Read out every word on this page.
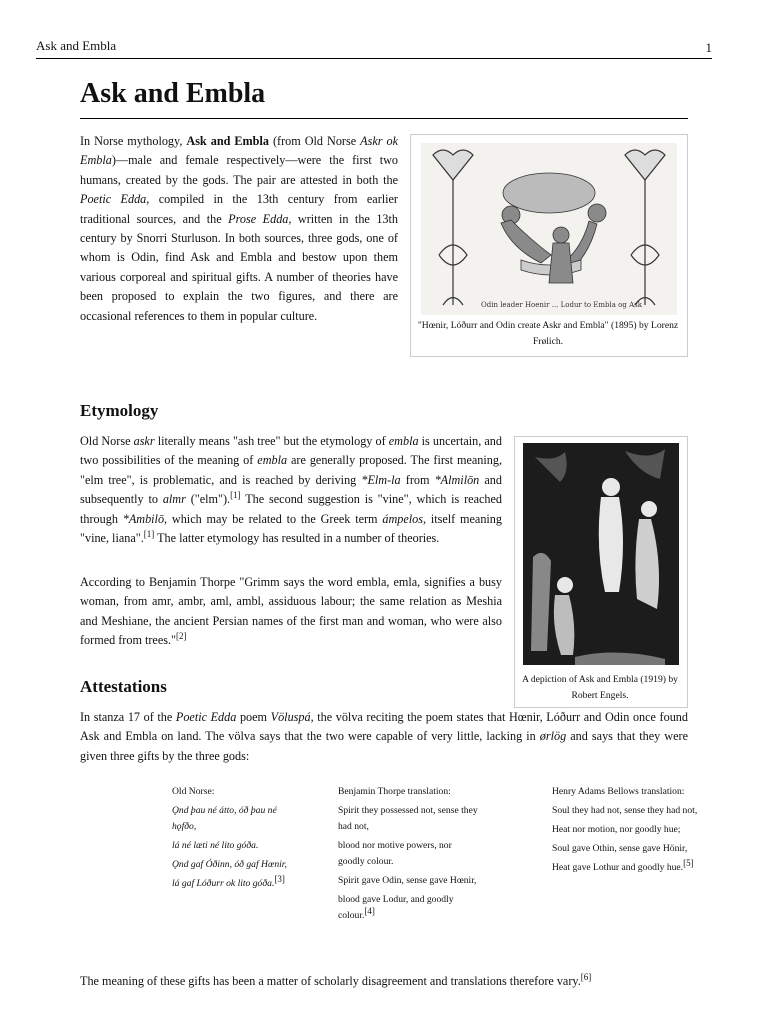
Ask and Embla	1
Ask and Embla

In Norse mythology, Ask and Embla (from Old Norse Askr ok Embla)—male and female respectively—were the first two humans, created by the gods. The pair are attested in both the Poetic Edda, compiled in the 13th century from earlier traditional sources, and the Prose Edda, written in the 13th century by Snorri Sturluson. In both sources, three gods, one of whom is Odin, find Ask and Embla and bestow upon them various corporeal and spiritual gifts. A number of theories have been proposed to explain the two figures, and there are occasional references to them in popular culture.

Odin leader Hoenir ... Lodur to Embla og Ask
"Hœnir, Lóðurr and Odin create Askr and Embla" (1895) by Lorenz Frølich.
Etymology

Old Norse askr literally means "ash tree" but the etymology of embla is uncertain, and two possibilities of the meaning of embla are generally proposed. The first meaning, "elm tree", is problematic, and is reached by deriving *Elm-la from *Almilōn and subsequently to almr ("elm").[1] The second suggestion is "vine", which is reached through *Ambilō, which may be related to the Greek term ámpelos, itself meaning "vine, liana".[1] The latter etymology has resulted in a number of theories.

According to Benjamin Thorpe "Grimm says the word embla, emla, signifies a busy woman, from amr, ambr, aml, ambl, assiduous labour; the same relation as Meshia and Meshiane, the ancient Persian names of the first man and woman, who were also formed from trees."[2]

A depiction of Ask and Embla (1919) by Robert Engels.
Attestations

In stanza 17 of the Poetic Edda poem Völuspá, the völva reciting the poem states that Hœnir, Lóðurr and Odin once found Ask and Embla on land. The völva says that the two were capable of very little, lacking in ørlög and says that they were given three gifts by the three gods:

Old Norse:

Ǫnd þau né átto, óð þau né hǫfðo,

lá né læti né lito góða.

Ǫnd gaf Óðinn, óð gaf Hœnir,

lá gaf Lóðurr ok lito góða.[3]

Benjamin Thorpe translation:

Spirit they possessed not, sense they had not,

blood nor motive powers, nor goodly colour.

Spirit gave Odin, sense gave Hœnir,

blood gave Lodur, and goodly colour.[4]

Henry Adams Bellows translation:

Soul they had not, sense they had not,

Heat nor motion, nor goodly hue;

Soul gave Othin, sense gave Hönir,

Heat gave Lothur and goodly hue.[5]

The meaning of these gifts has been a matter of scholarly disagreement and translations therefore vary.[6]
